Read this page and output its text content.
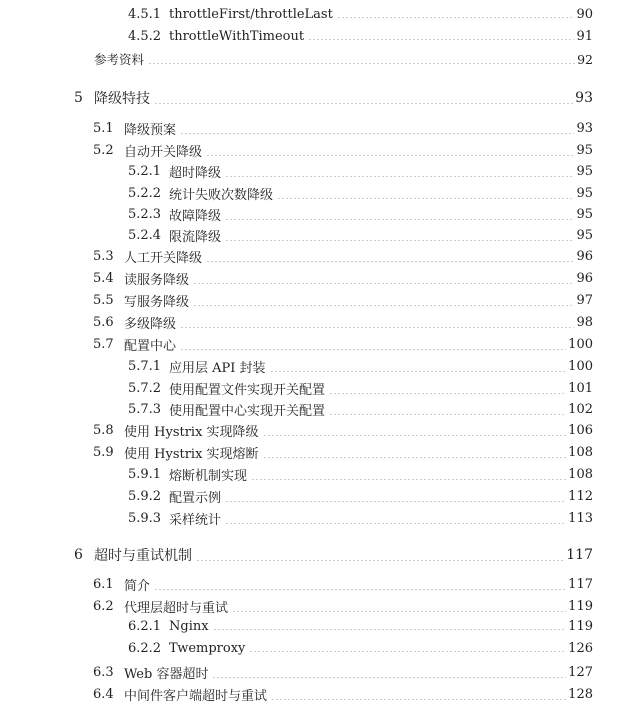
4.5.1 throttleFirst/throttleLast	90
4.5.2 throttleWithTimeout	91
参考资料	92
5 降级特技	93
5.1 降级预案	93
5.2 自动开关降级	95
5.2.1 超时降级	95
5.2.2 统计失败次数降级	95
5.2.3 故障降级	95
5.2.4 限流降级	95
5.3 人工开关降级	96
5.4 读服务降级	96
5.5 写服务降级	97
5.6 多级降级	98
5.7 配置中心	100
5.7.1 应用层 API 封装	100
5.7.2 使用配置文件实现开关配置	101
5.7.3 使用配置中心实现开关配置	102
5.8 使用 Hystrix 实现降级	106
5.9 使用 Hystrix 实现熔断	108
5.9.1 熔断机制实现	108
5.9.2 配置示例	112
5.9.3 采样统计	113
6 超时与重试机制	117
6.1 简介	117
6.2 代理层超时与重试	119
6.2.1 Nginx	119
6.2.2 Twemproxy	126
6.3 Web 容器超时	127
6.4 中间件客户端超时与重试	128
